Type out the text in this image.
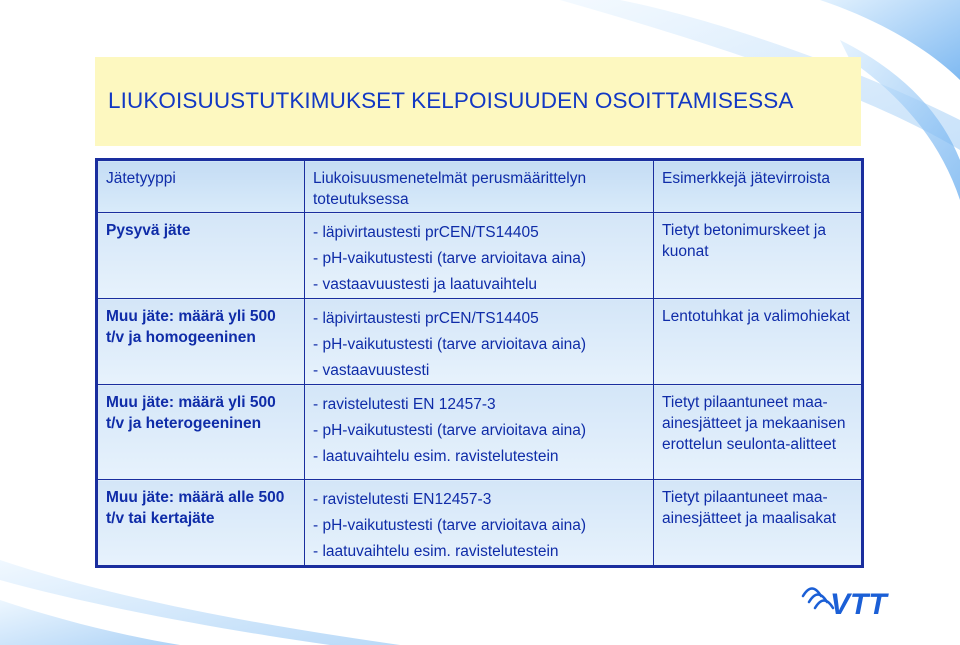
LIUKOISUUSTUTKIMUKSET KELPOISUUDEN OSOITTAMISESSA
Jätetyyppi	Liukoisuusmenetelmät perusmäärittelyn toteutuksessa	Esimerkkejä jätevirroista
Pysyvä jäte	- läpivirtaustesti prCEN/TS14405
- pH-vaikutustesti (tarve arvioitava aina)
- vastaavuustesti ja laatuvaihtelu	Tietyt betonimurskeet ja kuonat
Muu jäte: määrä yli 500 t/v ja homogeeninen	- läpivirtaustesti prCEN/TS14405
- pH-vaikutustesti (tarve arvioitava aina)
- vastaavuustesti	Lentotuhkat ja valimohiekat
Muu jäte: määrä yli 500 t/v ja heterogeeninen	- ravistelutesti EN 12457-3
- pH-vaikutustesti (tarve arvioitava aina)
- laatuvaihtelu esim. ravistelutestein	Tietyt pilaantuneet maa-ainesjätteet ja mekaanisen erottelun seulonta-alitteet
Muu jäte: määrä alle 500 t/v tai kertajäte	- ravistelutesti EN12457-3
- pH-vaikutustesti (tarve arvioitava aina)
- laatuvaihtelu esim. ravistelutestein	Tietyt pilaantuneet maa-ainesjätteet ja maalisakat
VTT
